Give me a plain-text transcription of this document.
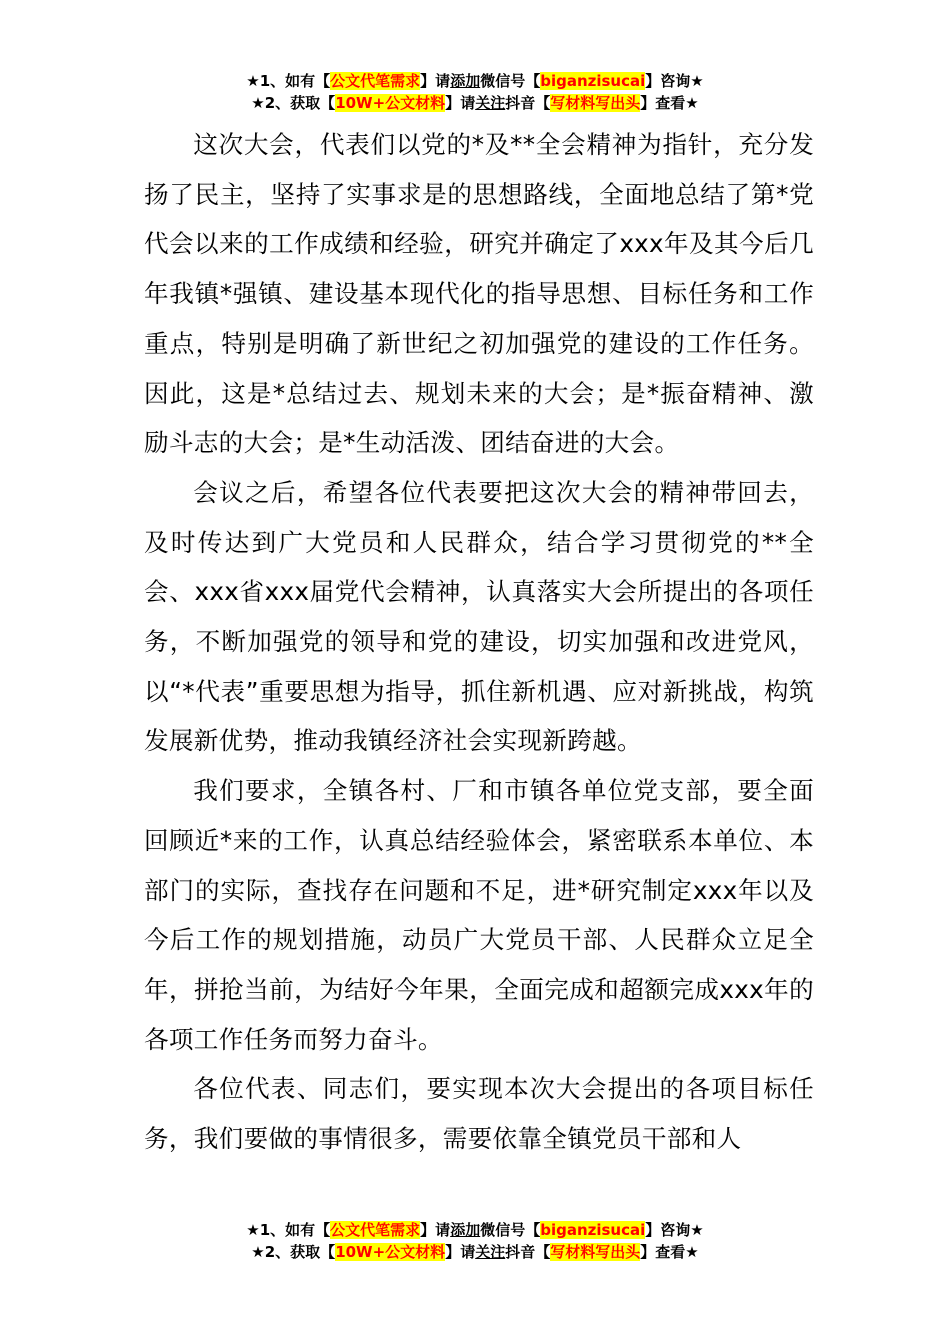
★1、如有【公文代笔需求】请添加微信号【biganzisucai】咨询★
★2、获取【10W+公文材料】请关注抖音【写材料写出头】查看★

这次大会，代表们以党的*及**全会精神为指针，充分发扬了民主，坚持了实事求是的思想路线，全面地总结了第*党代会以来的工作成绩和经验，研究并确定了xxx年及其今后几年我镇*强镇、建设基本现代化的指导思想、目标任务和工作重点，特别是明确了新世纪之初加强党的建设的工作任务。因此，这是*总结过去、规划未来的大会；是*振奋精神、激励斗志的大会；是*生动活泼、团结奋进的大会。

会议之后，希望各位代表要把这次大会的精神带回去，及时传达到广大党员和人民群众，结合学习贯彻党的**全会、xxx省xxx届党代会精神，认真落实大会所提出的各项任务，不断加强党的领导和党的建设，切实加强和改进党风，以“*代表”重要思想为指导，抓住新机遇、应对新挑战，构筑发展新优势，推动我镇经济社会实现新跨越。

我们要求，全镇各村、厂和市镇各单位党支部，要全面回顾近*来的工作，认真总结经验体会，紧密联系本单位、本部门的实际，查找存在问题和不足，进*研究制定xxx年以及今后工作的规划措施，动员广大党员干部、人民群众立足全年，拼抢当前，为结好今年果，全面完成和超额完成xxx年的各项工作任务而努力奋斗。

各位代表、同志们，要实现本次大会提出的各项目标任务，我们要做的事情很多，需要依靠全镇党员干部和人

★1、如有【公文代笔需求】请添加微信号【biganzisucai】咨询★
★2、获取【10W+公文材料】请关注抖音【写材料写出头】查看★
